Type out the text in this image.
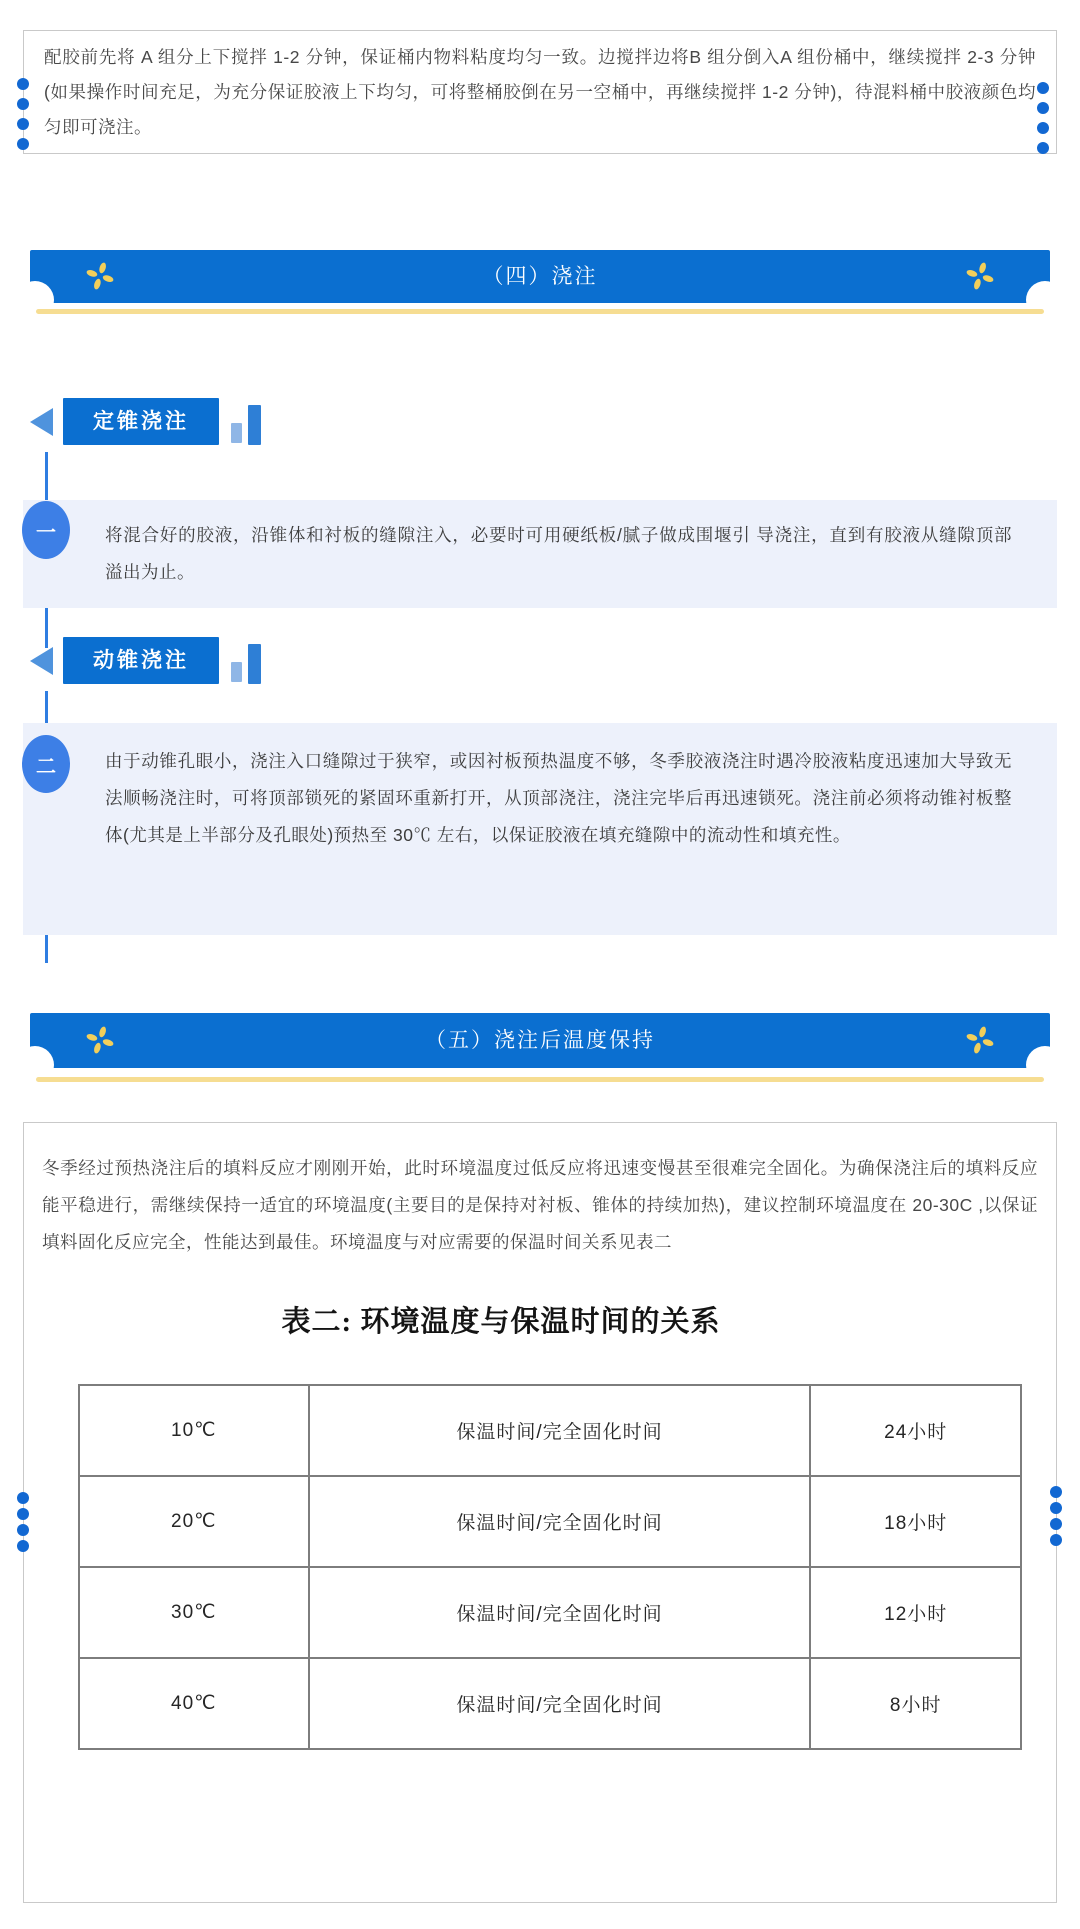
配胶前先将 A 组分上下搅拌 1-2 分钟，保证桶内物料粘度均匀一致。边搅拌边将B 组分倒入A 组份桶中，继续搅拌 2-3 分钟(如果操作时间充足，为充分保证胶液上下均匀，可将整桶胶倒在另一空桶中，再继续搅拌 1-2 分钟)，待混料桶中胶液颜色均匀即可浇注。

（四）浇注
定锥浇注

将混合好的胶液，沿锥体和衬板的缝隙注入，必要时可用硬纸板/腻子做成围堰引 导浇注，直到有胶液从缝隙顶部溢出为止。

一
动锥浇注

由于动锥孔眼小，浇注入口缝隙过于狭窄，或因衬板预热温度不够，冬季胶液浇注时遇冷胶液粘度迅速加大导致无法顺畅浇注时，可将顶部锁死的紧固环重新打开，从顶部浇注，浇注完毕后再迅速锁死。浇注前必须将动锥衬板整体(尤其是上半部分及孔眼处)预热至 30℃ 左右，以保证胶液在填充缝隙中的流动性和填充性。

二
（五）浇注后温度保持

冬季经过预热浇注后的填料反应才刚刚开始，此时环境温度过低反应将迅速变慢甚至很难完全固化。为确保浇注后的填料反应能平稳进行，需继续保持一适宜的环境温度(主要目的是保持对衬板、锥体的持续加热)，建议控制环境温度在 20-30C ,以保证 填料固化反应完全，性能达到最佳。环境温度与对应需要的保温时间关系见表二

表二: 环境温度与保温时间的关系
10℃	保温时间/完全固化时间	24小时
20℃	保温时间/完全固化时间	18小时
30℃	保温时间/完全固化时间	12小时
40℃	保温时间/完全固化时间	8小时
